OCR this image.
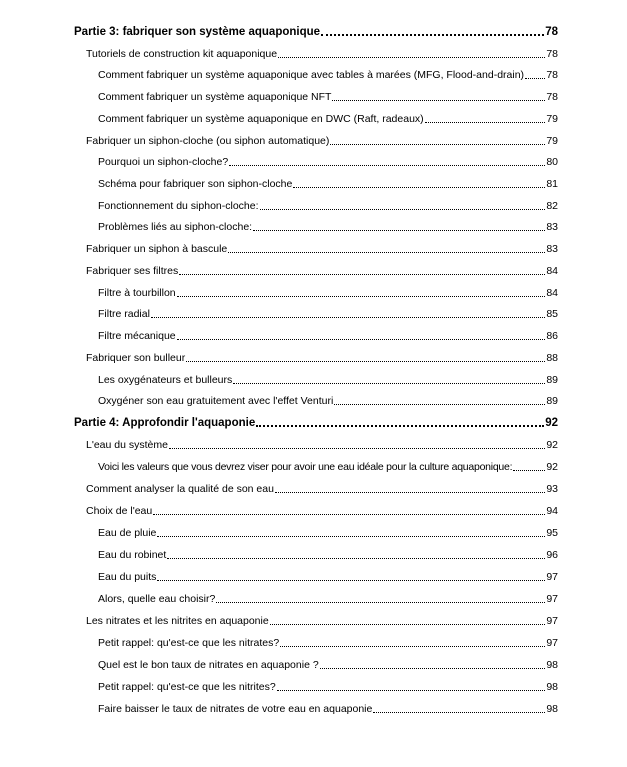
Partie 3: fabriquer son système aquaponique	78
Tutoriels de construction kit aquaponique	78
Comment fabriquer un système aquaponique avec tables à marées (MFG, Flood-and-drain) 78
Comment fabriquer un système aquaponique NFT	78
Comment fabriquer un système aquaponique en DWC (Raft, radeaux)	79
Fabriquer un siphon-cloche (ou siphon automatique)	79
Pourquoi un siphon-cloche?	80
Schéma pour fabriquer son siphon-cloche	81
Fonctionnement du siphon-cloche:	82
Problèmes liés au siphon-cloche:	83
Fabriquer un siphon à bascule	83
Fabriquer ses filtres	84
Filtre à tourbillon	84
Filtre radial	85
Filtre mécanique	86
Fabriquer son bulleur	88
Les oxygénateurs et bulleurs	89
Oxygéner son eau gratuitement avec l'effet Venturi	89
Partie 4: Approfondir l'aquaponie	92
L'eau du système	92
Voici les valeurs que vous devrez viser pour avoir une eau idéale pour la culture aquaponique:	92
Comment analyser la qualité de son eau	93
Choix de l'eau	94
Eau de pluie	95
Eau du robinet	96
Eau du puits	97
Alors, quelle eau choisir?	97
Les nitrates et les nitrites en aquaponie	97
Petit rappel: qu'est-ce que les nitrates?	97
Quel est le bon taux de nitrates en aquaponie ?	98
Petit rappel: qu'est-ce que les nitrites?	98
Faire baisser le taux de nitrates de votre eau en aquaponie	98
